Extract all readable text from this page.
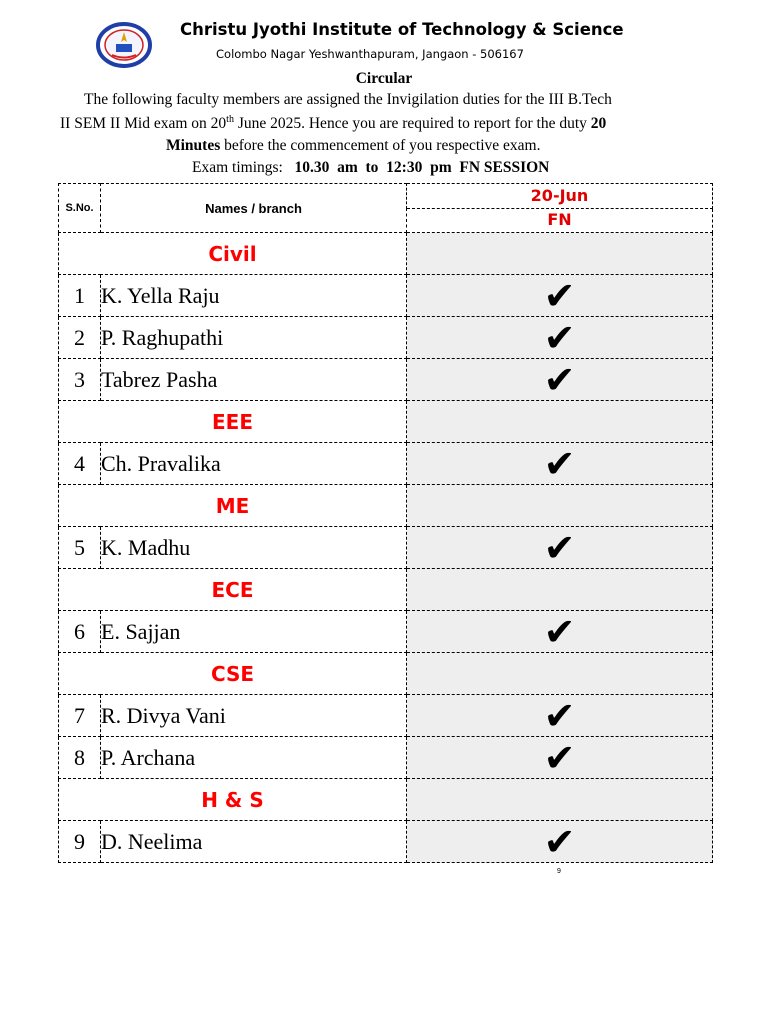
Christu Jyothi Institute of Technology & Science
Colombo Nagar Yeshwanthapuram, Jangaon - 506167
Circular
The following faculty members are assigned the Invigilation duties for the III B.Tech
II SEM II Mid exam on 20th June 2025. Hence you are required to report for the duty 20
Minutes before the commencement of you respective exam.
Exam timings:   10.30  am  to  12:30  pm  FN SESSION
S.No.	Names / branch	20-Jun
		FN
Civil		
1	K. Yella Raju	✔
2	P. Raghupathi	✔
3	Tabrez Pasha	✔
EEE		
4	Ch. Pravalika	✔
ME		
5	K. Madhu	✔
ECE		
6	E. Sajjan	✔
CSE		
7	R. Divya Vani	✔
8	P. Archana	✔
H & S		
9	D. Neelima	✔
9
